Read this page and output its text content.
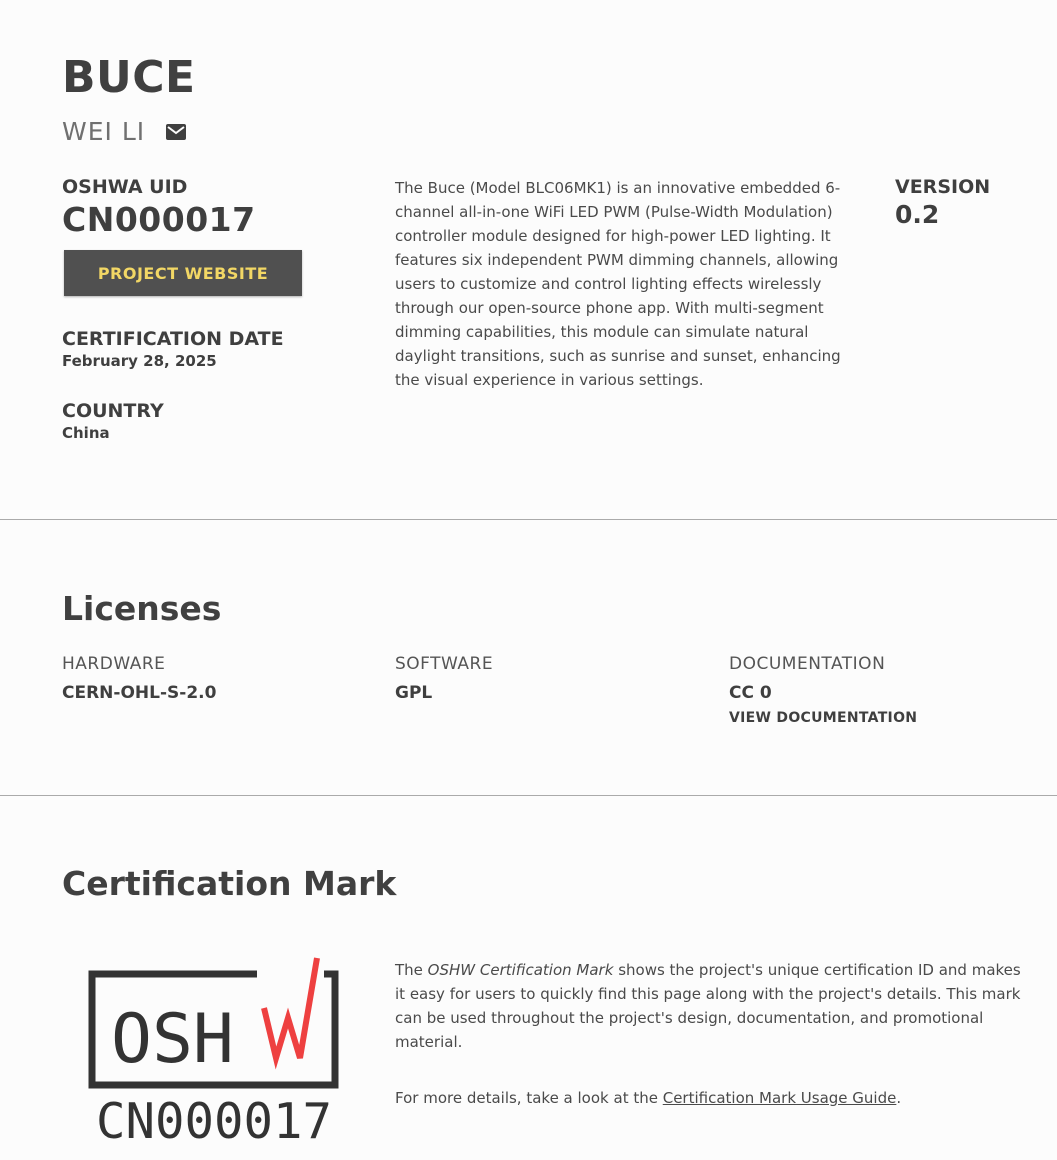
BUCE
WEI LI
OSHWA UID
CN000017
PROJECT WEBSITE
CERTIFICATION DATE
February 28, 2025
COUNTRY
China

The Buce (Model BLC06MK1) is an innovative embedded 6-channel all-in-one WiFi LED PWM (Pulse-Width Modulation) controller module designed for high-power LED lighting. It features six independent PWM dimming channels, allowing users to customize and control lighting effects wirelessly through our open-source phone app. With multi-segment dimming capabilities, this module can simulate natural daylight transitions, such as sunrise and sunset, enhancing the visual experience in various settings.

VERSION
0.2
Licenses
HARDWARE
CERN-OHL-S-2.0
SOFTWARE
GPL
DOCUMENTATION
CC 0
VIEW DOCUMENTATION
Certification Mark
OSH
CN000017

The OSHW Certification Mark shows the project's unique certification ID and makes it easy for users to quickly find this page along with the project's details. This mark can be used throughout the project's design, documentation, and promotional material.

For more details, take a look at the Certification Mark Usage Guide.
